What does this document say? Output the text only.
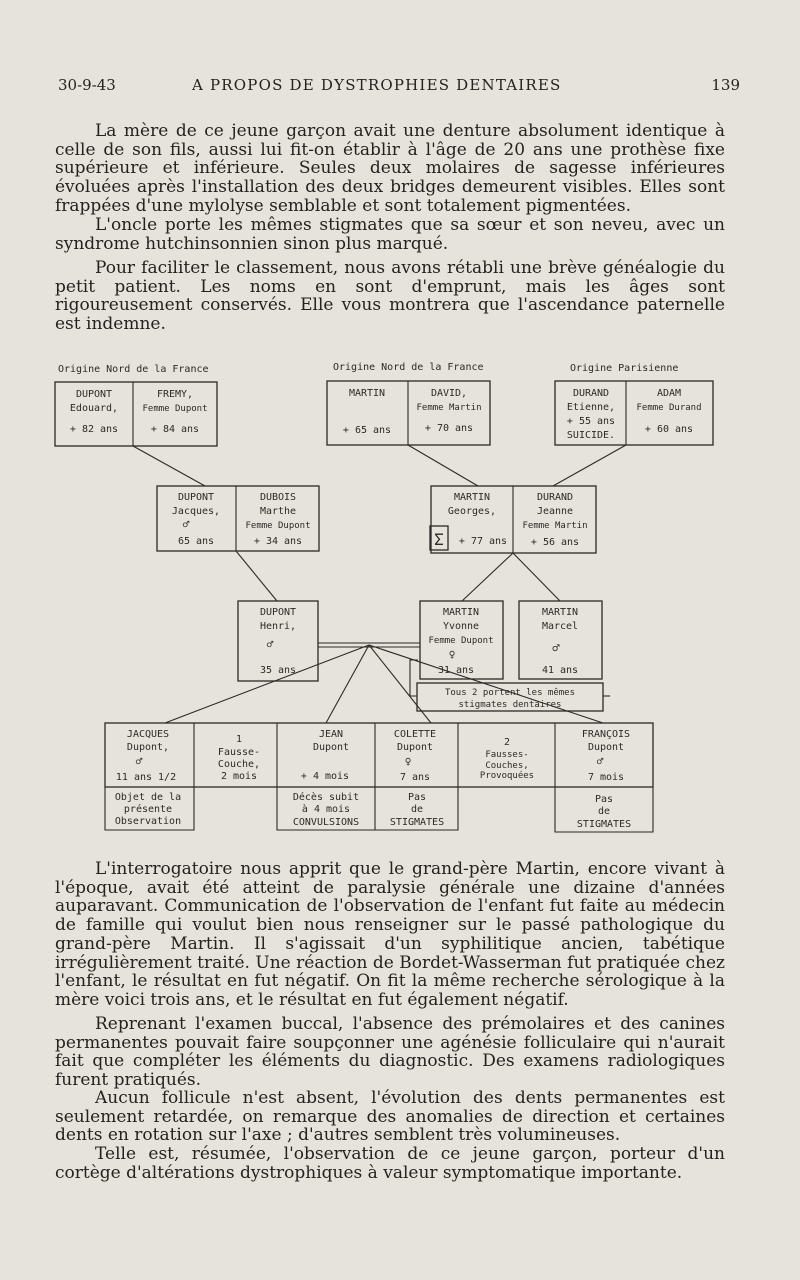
30-9-43	A PROPOS DE DYSTROPHIES DENTAIRES	139

La mère de ce jeune garçon avait une denture absolument identique à celle de son fils, aussi lui fit-on établir à l'âge de 20 ans une prothèse fixe supérieure et inférieure. Seules deux molaires de sagesse inférieures évoluées après l'installation des deux bridges demeurent visibles. Elles sont frappées d'une mylolyse semblable et sont totalement pigmentées.

L'oncle porte les mêmes stigmates que sa sœur et son neveu, avec un syndrome hutchinsonnien sinon plus marqué.

Pour faciliter le classement, nous avons rétabli une brève généalogie du petit patient. Les noms en sont d'emprunt, mais les âges sont rigoureusement conservés. Elle vous montrera que l'ascendance paternelle est indemne.

Origine Nord de la France	Origine Nord de la France	Origine Parisienne
DUPONT
Edouard,
+ 82 ans
FREMY,
Femme Dupont
+ 84 ans
MARTIN
+ 65 ans
DAVID,
Femme Martin
+ 70 ans
DURAND
Etienne,
+ 55 ans
SUICIDE.
ADAM
Femme Durand
+ 60 ans
DUPONT
Jacques,
♂
65 ans
DUBOIS
Marthe
Femme Dupont
+ 34 ans
MARTIN
Georges,
Σ + 77 ans
DURAND
Jeanne
Femme Martin
+ 56 ans
DUPONT
Henri,
♂
35 ans
MARTIN
Yvonne
Femme Dupont
♀
31 ans
MARTIN
Marcel
♂
41 ans
Tous 2 portent les mêmes
stigmates dentaires
JACQUES
Dupont,
♂
11 ans 1/2
1
Fausse-
Couche,
2 mois
JEAN
Dupont
+ 4 mois
COLETTE
Dupont
♀
7 ans
2
Fausses-
Couches,
Provoquées
FRANÇOIS
Dupont
♂
7 mois
Objet de la
présente
Observation
Décès subit
à 4 mois
CONVULSIONS
Pas
de
STIGMATES
Pas
de
STIGMATES

L'interrogatoire nous apprit que le grand-père Martin, encore vivant à l'époque, avait été atteint de paralysie générale une dizaine d'années auparavant. Communication de l'observation de l'enfant fut faite au médecin de famille qui voulut bien nous renseigner sur le passé pathologique du grand-père Martin. Il s'agissait d'un syphilitique ancien, tabétique irrégulièrement traité. Une réaction de Bordet-Wasserman fut pratiquée chez l'enfant, le résultat en fut négatif. On fit la même recherche sérologique à la mère voici trois ans, et le résultat en fut également négatif.

Reprenant l'examen buccal, l'absence des prémolaires et des canines permanentes pouvait faire soupçonner une agénésie folliculaire qui n'aurait fait que compléter les éléments du diagnostic. Des examens radiologiques furent pratiqués.

Aucun follicule n'est absent, l'évolution des dents permanentes est seulement retardée, on remarque des anomalies de direction et certaines dents en rotation sur l'axe ; d'autres semblent très volumineuses.

Telle est, résumée, l'observation de ce jeune garçon, porteur d'un cortège d'altérations dystrophiques à valeur symptomatique importante.
